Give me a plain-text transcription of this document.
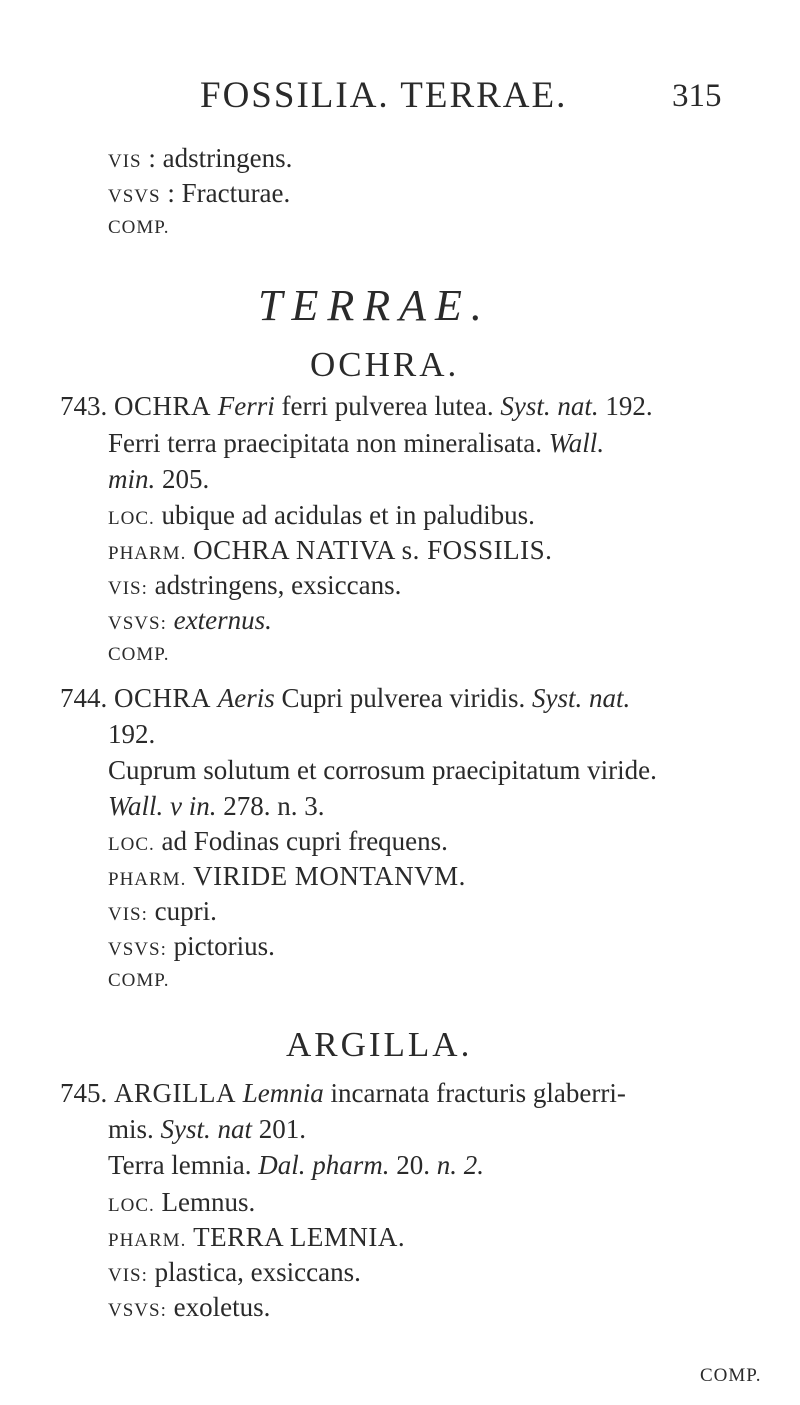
FOSSILIA. TERRAE.	315
VIS : adstringens.
VSVS : Fracturae.
COMP.
TERRAE.
OCHRA.
743. OCHRA Ferri ferri pulverea lutea. Syst. nat. 192.
Ferri terra praecipitata non mineralisata. Wall.
min. 205.
LOC. ubique ad acidulas et in paludibus.
PHARM. OCHRA NATIVA s. FOSSILIS.
VIS: adstringens, exsiccans.
VSVS: externus.
COMP.
744. OCHRA Aeris Cupri pulverea viridis. Syst. nat.
192.
Cuprum solutum et corrosum praecipitatum viride.
Wall. v in. 278. n. 3.
LOC. ad Fodinas cupri frequens.
PHARM. VIRIDE MONTANVM.
VIS: cupri.
VSVS: pictorius.
COMP.
ARGILLA.
745. ARGILLA Lemnia incarnata fracturis glaberri-
mis. Syst. nat 201.
Terra lemnia. Dal. pharm. 20. n. 2.
LOC. Lemnus.
PHARM. TERRA LEMNIA.
VIS: plastica, exsiccans.
VSVS: exoletus.
COMP.
